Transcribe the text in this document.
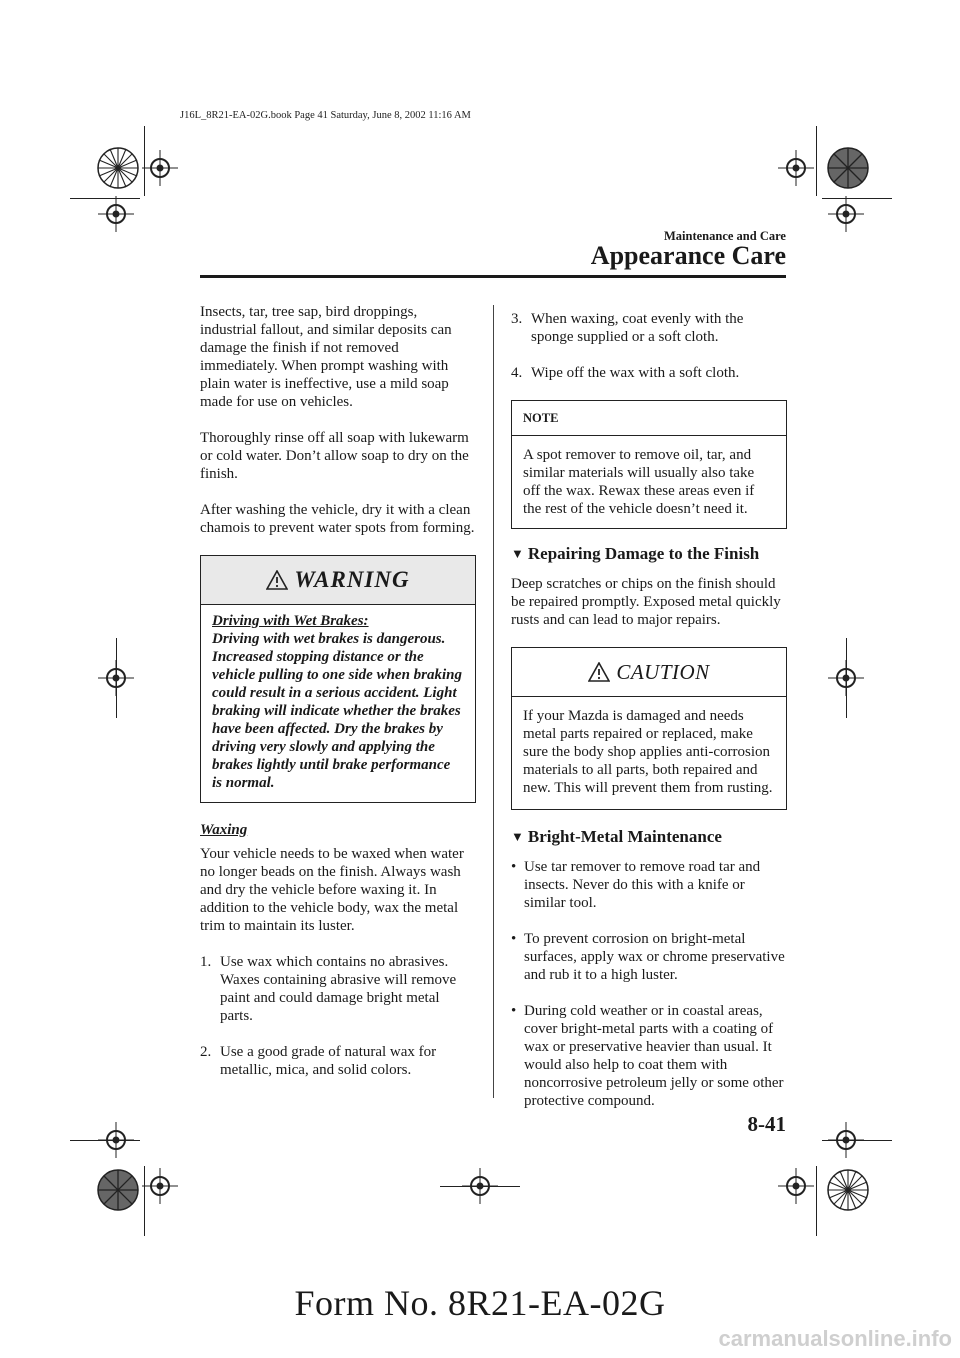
J16L_8R21-EA-02G.book Page 41 Saturday, June 8, 2002 11:16 AM
Maintenance and Care
Appearance Care

Insects, tar, tree sap, bird droppings, industrial fallout, and similar deposits can damage the finish if not removed immediately. When prompt washing with plain water is ineffective, use a mild soap made for use on vehicles.

Thoroughly rinse off all soap with lukewarm or cold water. Don’t allow soap to dry on the finish.

After washing the vehicle, dry it with a clean chamois to prevent water spots from forming.

WARNING
Driving with Wet Brakes:
Driving with wet brakes is dangerous. Increased stopping distance or the vehicle pulling to one side when braking could result in a serious accident. Light braking will indicate whether the brakes have been affected. Dry the brakes by driving very slowly and applying the brakes lightly until brake performance is normal.
Waxing

Your vehicle needs to be waxed when water no longer beads on the finish. Always wash and dry the vehicle before waxing it. In addition to the vehicle body, wax the metal trim to maintain its luster.

1. Use wax which contains no abrasives. Waxes containing abrasive will remove paint and could damage bright metal parts.
2. Use a good grade of natural wax for metallic, mica, and solid colors.
3. When waxing, coat evenly with the sponge supplied or a soft cloth.
4. Wipe off the wax with a soft cloth.
NOTE
A spot remover to remove oil, tar, and similar materials will usually also take off the wax. Rewax these areas even if the rest of the vehicle doesn’t need it.
▼ Repairing Damage to the Finish

Deep scratches or chips on the finish should be repaired promptly. Exposed metal quickly rusts and can lead to major repairs.

CAUTION
If your Mazda is damaged and needs metal parts repaired or replaced, make sure the body shop applies anti-corrosion materials to all parts, both repaired and new. This will prevent them from rusting.
▼ Bright-Metal Maintenance
• Use tar remover to remove road tar and insects. Never do this with a knife or similar tool.
• To prevent corrosion on bright-metal surfaces, apply wax or chrome preservative and rub it to a high luster.
• During cold weather or in coastal areas, cover bright-metal parts with a coating of wax or preservative heavier than usual. It would also help to coat them with noncorrosive petroleum jelly or some other protective compound.
8-41
Form No. 8R21-EA-02G
carmanualsonline.info
